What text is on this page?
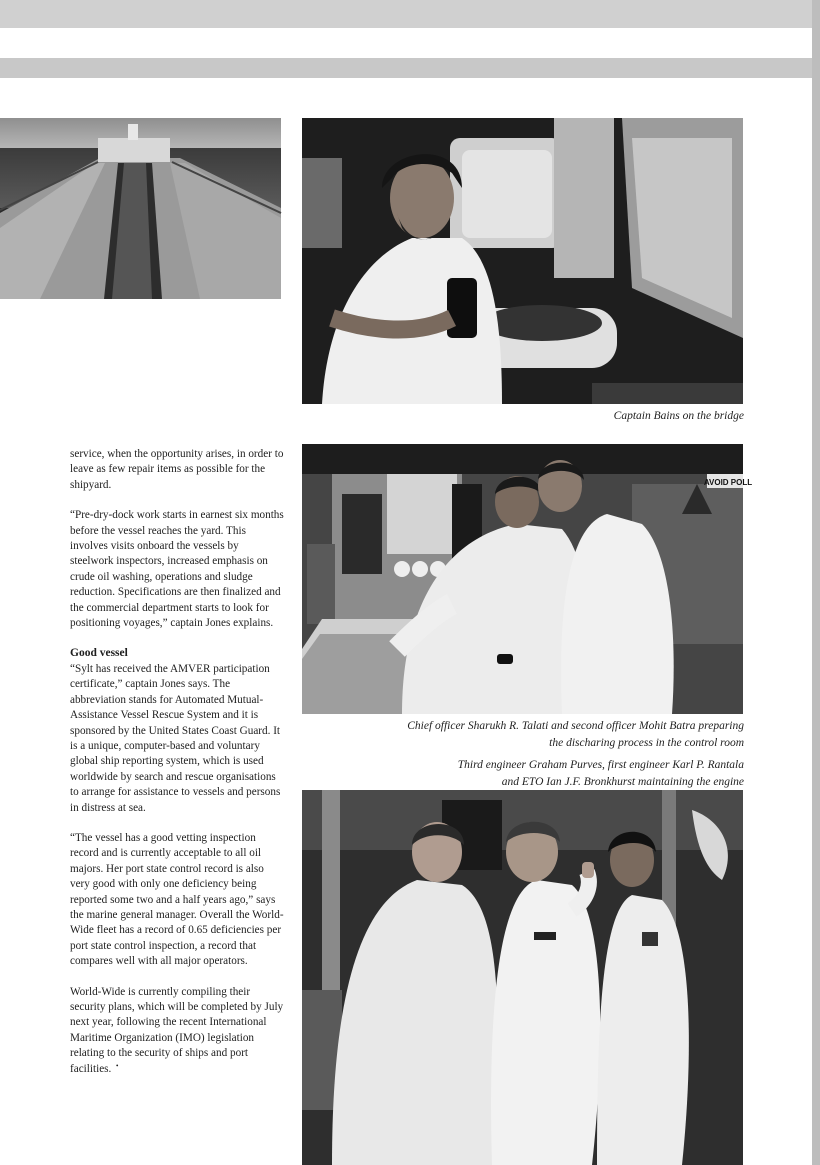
Captain Bains on the bridge
AVOID POLL
Chief officer Sharukh R. Talati and second officer Mohit Batra preparing
the discharing process in the control room
Third engineer Graham Purves, first engineer Karl P. Rantala
and ETO Ian J.F. Bronkhurst maintaining the engine

service, when the opportunity arises, in order to leave as few repair items as possible for the shipyard.

“Pre-dry-dock work starts in earnest six months before the vessel reaches the yard. This involves visits onboard the vessels by steelwork inspectors, increased emphasis on crude oil washing, operations and sludge reduction. Specifications are then finalized and the commercial department starts to look for positioning voyages,” captain Jones explains.

Good vessel

“Sylt has received the AMVER participation certificate,” captain Jones says. The abbreviation stands for Automated Mutual-Assistance Vessel Rescue System and it is sponsored by the United States Coast Guard. It is a unique, computer-based and voluntary global ship reporting system, which is used worldwide by search and rescue organisations to arrange for assistance to vessels and persons in distress at sea.

“The vessel has a good vetting inspection record and is currently acceptable to all oil majors. Her port state control record is also very good with only one deficiency being reported some two and a half years ago,” says the marine general manager. Overall the World-Wide fleet has a record of 0.65 deficiencies per port state control inspection, a record that compares well with all major operators.

World-Wide is currently compiling their security plans, which will be completed by July next year, following the recent International Maritime Organization (IMO) legislation relating to the security of ships and port facilities. ॱ
